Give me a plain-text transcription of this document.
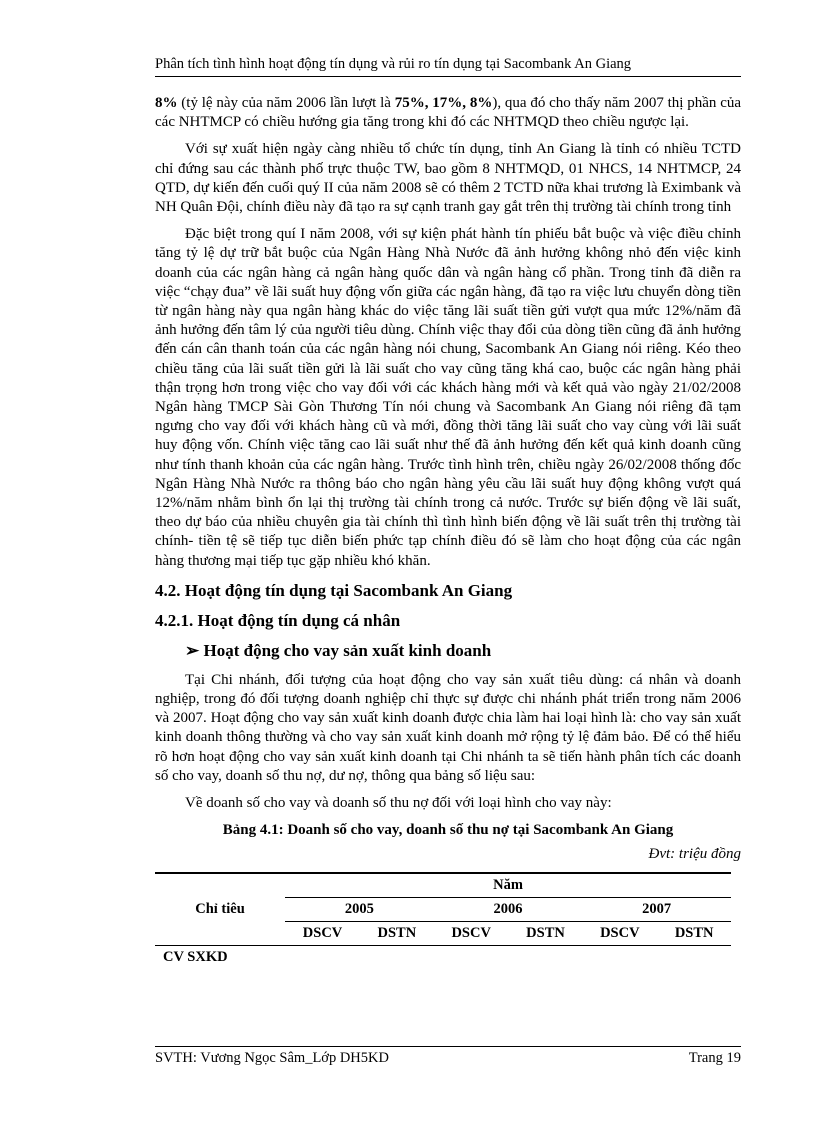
Phân tích tình hình hoạt động tín dụng và rủi ro tín dụng tại Sacombank An Giang

8% (tỷ lệ này của năm 2006 lần lượt là 75%, 17%, 8%), qua đó cho thấy năm 2007 thị phần của các NHTMCP có chiều hướng gia tăng trong khi đó các NHTMQD theo chiều ngược lại.

Với sự xuất hiện ngày càng nhiều tổ chức tín dụng, tỉnh An Giang là tỉnh có nhiều TCTD chỉ đứng sau các thành phố trực thuộc TW, bao gồm 8 NHTMQD, 01 NHCS, 14 NHTMCP, 24 QTD, dự kiến đến cuối quý II của năm 2008 sẽ có thêm 2 TCTD nữa khai trương là Eximbank và NH Quân Đội, chính điều này đã tạo ra sự cạnh tranh gay gắt trên thị trường tài chính trong tỉnh

Đặc biệt trong quí I năm 2008, với sự kiện phát hành tín phiếu bắt buộc và việc điều chỉnh tăng tỷ lệ dự trữ bắt buộc của Ngân Hàng Nhà Nước đã ảnh hưởng không nhỏ đến việc kinh doanh của các ngân hàng cả ngân hàng quốc dân và ngân hàng cổ phần. Trong tỉnh đã diễn ra việc “chạy đua” về lãi suất huy động vốn giữa các ngân hàng, đã tạo ra việc lưu chuyển dòng tiền từ ngân hàng này qua ngân hàng khác do việc tăng lãi suất tiền gửi vượt qua mức 12%/năm đã ảnh hưởng đến tâm lý của người tiêu dùng. Chính việc thay đổi của dòng tiền cũng đã ảnh hưởng đến cán cân thanh toán của các ngân hàng nói chung, Sacombank An Giang nói riêng. Kéo theo chiều tăng của lãi suất tiền gửi là lãi suất cho vay cũng tăng khá cao, buộc các ngân hàng phải thận trọng hơn trong việc cho vay đối với các khách hàng mới và kết quả vào ngày 21/02/2008 Ngân hàng TMCP Sài Gòn Thương Tín nói chung và Sacombank An Giang nói riêng đã tạm ngưng cho vay đối với khách hàng cũ và mới, đồng thời tăng lãi suất cho vay cùng với lãi suất huy động vốn. Chính việc tăng cao lãi suất như thế đã ảnh hưởng đến kết quả kinh doanh cũng như tính thanh khoản của các ngân hàng. Trước tình hình trên, chiều ngày 26/02/2008 thống đốc Ngân Hàng Nhà Nước ra thông báo cho ngân hàng yêu cầu lãi suất huy động không vượt quá 12%/năm nhằm bình ổn lại thị trường tài chính trong cả nước. Trước sự biến động về lãi suất, theo dự báo của nhiều chuyên gia tài chính thì tình hình biến động về lãi suất trên thị trường tài chính- tiền tệ sẽ tiếp tục diễn biến phức tạp chính điều đó sẽ làm cho hoạt động của các ngân hàng thương mại tiếp tục gặp nhiều khó khăn.

4.2. Hoạt động tín dụng tại Sacombank An Giang
4.2.1. Hoạt động tín dụng cá nhân
➢ Hoạt động cho vay sản xuất kinh doanh

Tại Chi nhánh, đối tượng của hoạt động cho vay sản xuất tiêu dùng: cá nhân và doanh nghiệp, trong đó đối tượng doanh nghiệp chỉ thực sự được chi nhánh phát triển trong năm 2006 và 2007. Hoạt động cho vay sản xuất kinh doanh được chia làm hai loại hình là: cho vay sản xuất kinh doanh thông thường và cho vay sản xuất kinh doanh mở rộng tỷ lệ đảm bảo. Để có thể hiểu rõ hơn hoạt động cho vay sản xuất kinh doanh tại Chi nhánh ta sẽ tiến hành phân tích các doanh số cho vay, doanh số thu nợ, dư nợ, thông qua bảng số liệu sau:

Về doanh số cho vay và doanh số thu nợ đối với loại hình cho vay này:

Bảng 4.1: Doanh số cho vay, doanh số thu nợ tại Sacombank An Giang
Đvt: triệu đồng
Chỉ tiêu	Năm					
	2005		2006		2007	
	DSCV	DSTN	DSCV	DSTN	DSCV	DSTN
CV SXKD						
SVTH: Vương Ngọc Sâm_Lớp DH5KD	Trang 19
